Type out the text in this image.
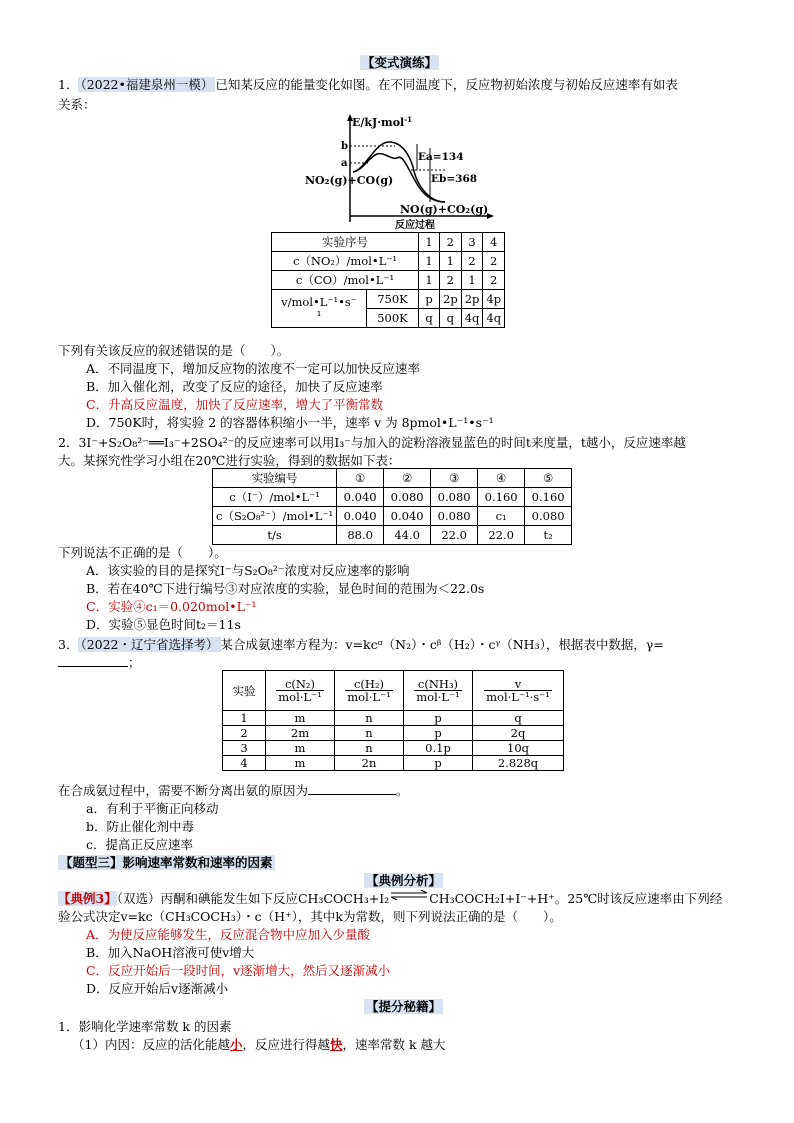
【变式演练】
1． （2022•福建泉州一模） 已知某反应的能量变化如图。在不同温度下，反应物初始浓度与初始反应速率有如表
关系：
E/kJ·mol$^{-1}$
b
a
Ea=134
Eb=368
NO₂(g)+CO(g)
NO(g)+CO₂(g)
反应过程
实验序号		1	2	3	4
c（NO₂）/mol•L⁻¹		1	1	2	2
c（CO）/mol•L⁻¹		1	2	1	2
v/mol•L⁻¹•s⁻
¹	750K	p	2p	2p	4p
	500K	q	q	4q	4q
下列有关该反应的叙述错误的是（　　）。
A．不同温度下，增加反应物的浓度不一定可以加快反应速率
B．加入催化剂，改变了反应的途径，加快了反应速率
C．升高反应温度，加快了反应速率，增大了平衡常数
D．750K时，将实验 2 的容器体积缩小一半，速率 v 为 8pmol•L⁻¹•s⁻¹
2．3I⁻+S₂O₈²⁻══I₃⁻+2SO₄²⁻的反应速率可以用I₃⁻与加入的淀粉溶液显蓝色的时间t来度量，t越小，反应速率越
大。某探究性学习小组在20℃进行实验，得到的数据如下表：
实验编号	①	②	③	④	⑤
c（I⁻）/mol•L⁻¹	0.040	0.080	0.080	0.160	0.160
c（S₂O₈²⁻）/mol•L⁻¹	0.040	0.040	0.080	c₁	0.080
t/s	88.0	44.0	22.0	22.0	t₂
下列说法不正确的是（　　）。
A．该实验的目的是探究I⁻与S₂O₈²⁻浓度对反应速率的影响
B．若在40℃下进行编号③对应浓度的实验，显色时间的范围为＜22.0s
C．实验④c₁＝0.020mol•L⁻¹
D．实验⑤显色时间t₂＝11s
3． （2022・辽宁省选择考） 某合成氨速率方程为：v=kcᵅ（N₂）・cᵝ（H₂）・cᵞ（NH₃），根据表中数据，γ=
；
实验	$\frac{\text{c(N₂)}}{\text{mol·L⁻¹}}$	$\frac{\text{c(H₂)}}{\text{mol·L⁻¹}}$	$\frac{\text{c(NH₃)}}{\text{mol·L⁻¹}}$	$\frac{v}{\text{mol·L⁻¹·s⁻¹}}$

1	m	n	p	q
2	2m	n	p	2q
3	m	n	0.1p	10q
4	m	2n	p	2.828q
在合成氨过程中，需要不断分离出氨的原因为	。
a．有利于平衡正向移动
b．防止催化剂中毒
c．提高正反应速率
【题型三】影响速率常数和速率的因素
【典例分析】
【典例3】（双选）丙酮和碘能发生如下反应CH₃COCH₃+I₂⇌CH₃COCH₂I+I⁻+H⁺。25℃时该反应速率由下列经
验公式决定v=kc（CH₃COCH₃）・c（H⁺），其中k为常数，则下列说法正确的是（　　）。
A．为使反应能够发生，反应混合物中应加入少量酸
B．加入NaOH溶液可使v增大
C．反应开始后一段时间，v逐渐增大，然后又逐渐减小
D．反应开始后v逐渐减小
【提分秘籍】
1．影响化学速率常数 k 的因素
（1）内因：反应的活化能越小，反应进行得越快，速率常数 k 越大
